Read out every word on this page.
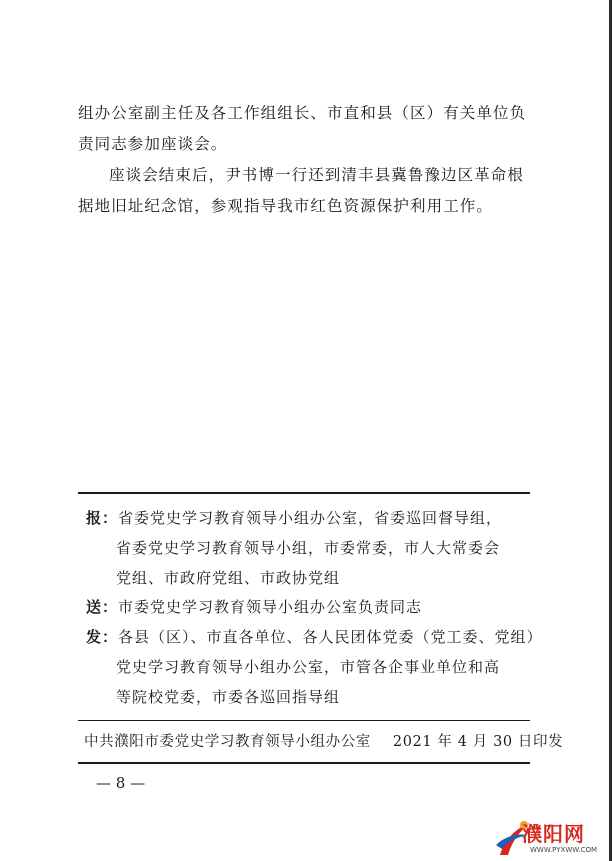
组办公室副主任及各工作组组长、市直和县（区）有关单位负
责同志参加座谈会。
座谈会结束后，尹书博一行还到清丰县冀鲁豫边区革命根
据地旧址纪念馆，参观指导我市红色资源保护利用工作。
报：省委党史学习教育领导小组办公室，省委巡回督导组，
省委党史学习教育领导小组，市委常委，市人大常委会
党组、市政府党组、市政协党组
送：市委党史学习教育领导小组办公室负责同志
发：各县（区）、市直各单位、各人民团体党委（党工委、党组）
党史学习教育领导小组办公室，市管各企事业单位和高
等院校党委，市委各巡回指导组
中共濮阳市委党史学习教育领导小组办公室 2021 年 4 月 30 日印发
— 8 —
濮阳网
WWW.PYXWW.COM
